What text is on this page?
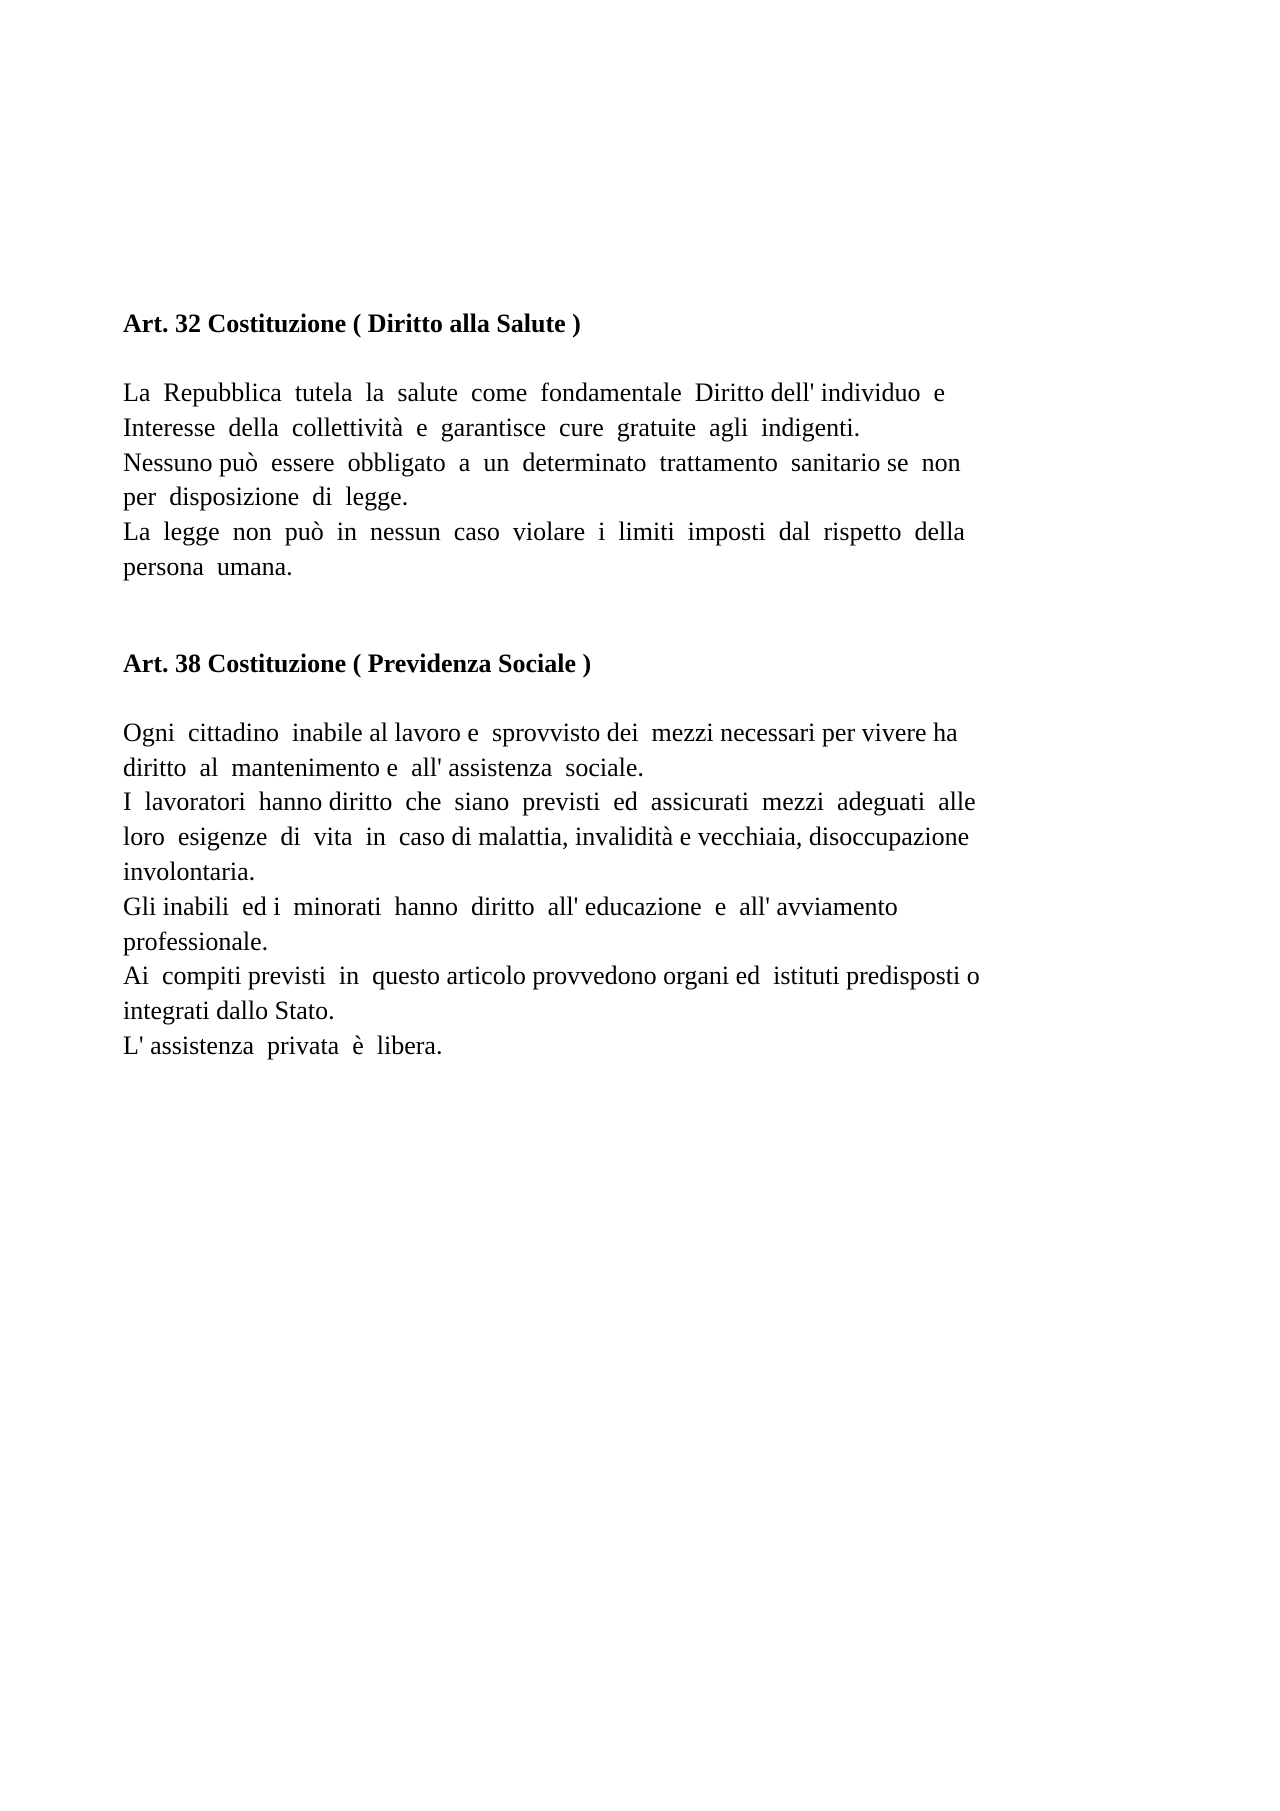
Art. 32 Costituzione ( Diritto alla Salute )

La  Repubblica  tutela  la  salute  come  fondamentale  Diritto dell' individuo  e

Interesse  della  collettività  e  garantisce  cure  gratuite  agli  indigenti.

Nessuno può  essere  obbligato  a  un  determinato  trattamento  sanitario se  non

per  disposizione  di  legge.

La  legge  non  può  in  nessun  caso  violare  i  limiti  imposti  dal  rispetto  della

persona  umana.

Art. 38 Costituzione ( Previdenza Sociale )

Ogni  cittadino  inabile al lavoro e  sprovvisto dei  mezzi necessari per vivere ha

diritto  al  mantenimento e  all' assistenza  sociale.

I  lavoratori  hanno diritto  che  siano  previsti  ed  assicurati  mezzi  adeguati  alle

loro  esigenze  di  vita  in  caso di malattia, invalidità e vecchiaia, disoccupazione

involontaria.

Gli inabili  ed i  minorati  hanno  diritto  all' educazione  e  all' avviamento

professionale.

Ai  compiti previsti  in  questo articolo provvedono organi ed  istituti predisposti o

integrati dallo Stato.

L' assistenza  privata  è  libera.
